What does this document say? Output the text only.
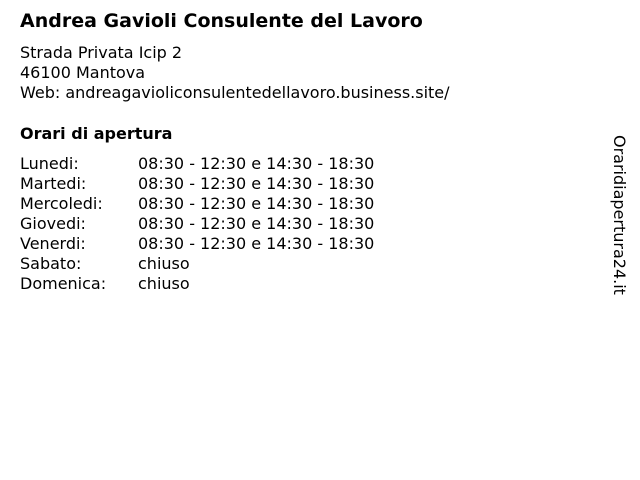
Andrea Gavioli Consulente del Lavoro
Strada Privata Icip 2
46100 Mantova
Web: andreagavioliconsulentedellavoro.business.site/
Orari di apertura
Lunedi:	08:30 - 12:30 e 14:30 - 18:30
Martedi:	08:30 - 12:30 e 14:30 - 18:30
Mercoledi:	08:30 - 12:30 e 14:30 - 18:30
Giovedi:	08:30 - 12:30 e 14:30 - 18:30
Venerdi:	08:30 - 12:30 e 14:30 - 18:30
Sabato:	chiuso
Domenica:	chiuso	Oraridiapertura24.it
